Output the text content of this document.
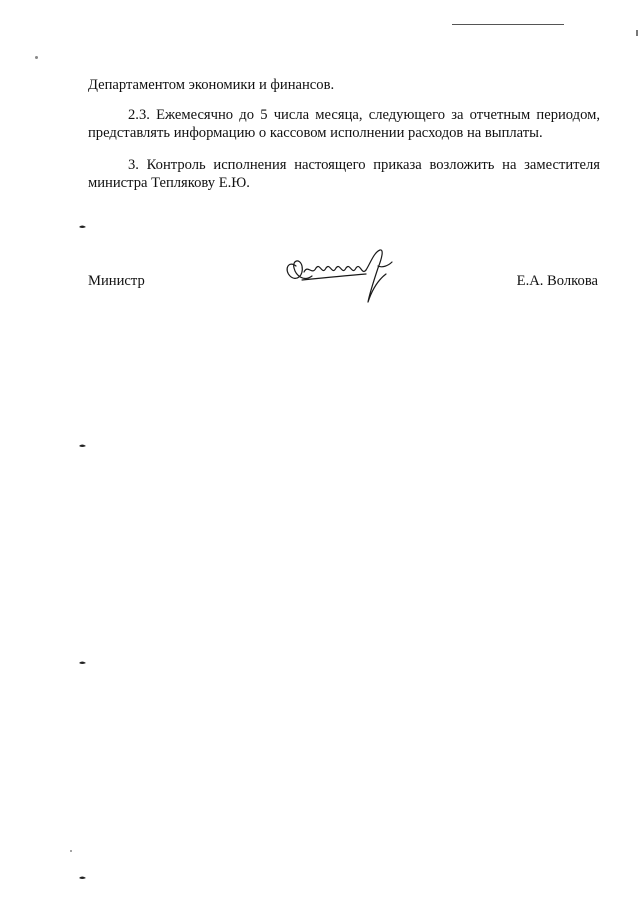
Департаментом экономики и финансов.

2.3. Ежемесячно до 5 числа месяца, следующего за отчетным периодом, представлять информацию о кассовом исполнении расходов на выплаты.

3. Контроль исполнения настоящего приказа возложить на заместителя министра Теплякову Е.Ю.

Министр	Е.А. Волкова
